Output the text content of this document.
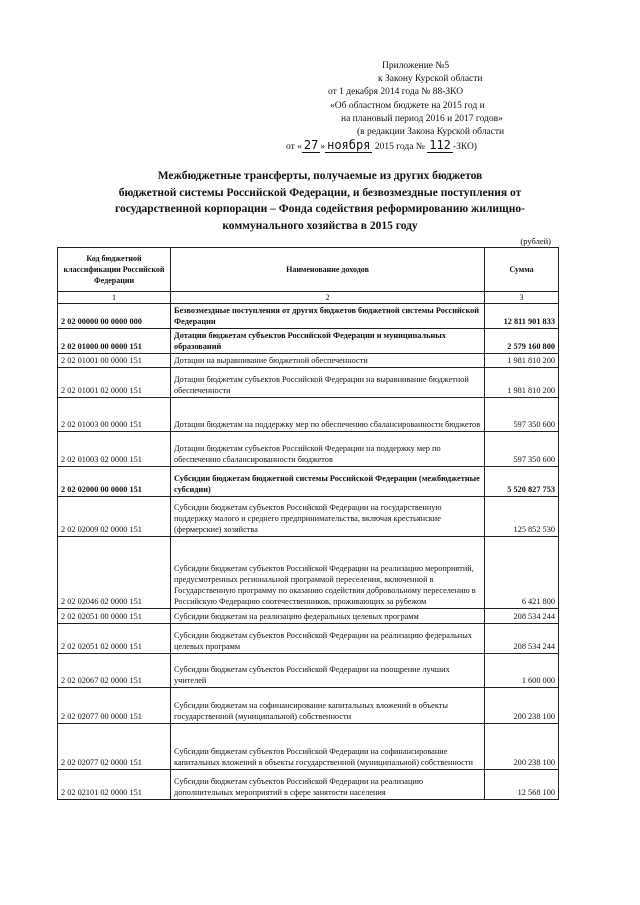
Приложение №5
к Закону Курской области
от 1 декабря 2014 года № 88-ЗКО
«Об областном бюджете на 2015 год и
на плановый период 2016 и 2017 годов»
(в редакции Закона Курской области
от « 27 » ноября 2015 года № 112 -ЗКО)
Межбюджетные трансферты, получаемые из других бюджетов
бюджетной системы Российской Федерации, и безвозмездные поступления от
государственной корпорации – Фонда содействия реформированию жилищно-
коммунального хозяйства в 2015 году
(рублей)
Код бюджетной классификации Российской Федерации	Наименование доходов	Сумма
1	2	3
2 02 00000 00 0000 000	Безвозмездные поступления от других бюджетов бюджетной системы Российской Федерации	12 811 901 833
2 02 01000 00 0000 151	Дотации бюджетам субъектов Российской Федерации и муниципальных образований	2 579 160 800
2 02 01001 00 0000 151	Дотации на выравнивание бюджетной обеспеченности	1 981 810 200
2 02 01001 02 0000 151	Дотации бюджетам субъектов Российской Федерации на выравнивание бюджетной обеспеченности	1 981 810 200
2 02 01003 00 0000 151	Дотации бюджетам на поддержку мер по обеспечению сбалансированности бюджетов	597 350 600
2 02 01003 02 0000 151	Дотации бюджетам субъектов Российской Федерации на поддержку мер по обеспечению сбалансированности бюджетов	597 350 600
2 02 02000 00 0000 151	Субсидии бюджетам бюджетной системы Российской Федерации (межбюджетные субсидии)	5 520 827 753
2 02 02009 02 0000 151	Субсидии бюджетам субъектов Российской Федерации на государственную поддержку малого и среднего предпринимательства, включая крестьянские (фермерские) хозяйства	125 852 530
2 02 02046 02 0000 151	Субсидии бюджетам субъектов Российской Федерации на реализацию мероприятий, предусмотренных региональной программой переселения, включенной в Государственную программу по оказанию содействия добровольному переселению в Российскую Федерацию соотечественников, проживающих за рубежом	6 421 800
2 02 02051 00 0000 151	Субсидии бюджетам на реализацию федеральных целевых программ	208 534 244
2 02 02051 02 0000 151	Субсидии бюджетам субъектов Российской Федерации на реализацию федеральных целевых программ	208 534 244
2 02 02067 02 0000 151	Субсидии бюджетам субъектов Российской Федерации на поощрение лучших учителей	1 600 000
2 02 02077 00 0000 151	Субсидии бюджетам на софинансирование капитальных вложений в объекты государственной (муниципальной) собственности	200 238 100
2 02 02077 02 0000 151	Субсидии бюджетам субъектов Российской Федерации на софинансирование капитальных вложений в объекты государственной (муниципальной) собственности	200 238 100
2 02 02101 02 0000 151	Субсидии бюджетам субъектов Российской Федерации на реализацию дополнительных мероприятий в сфере занятости населения	12 568 100
